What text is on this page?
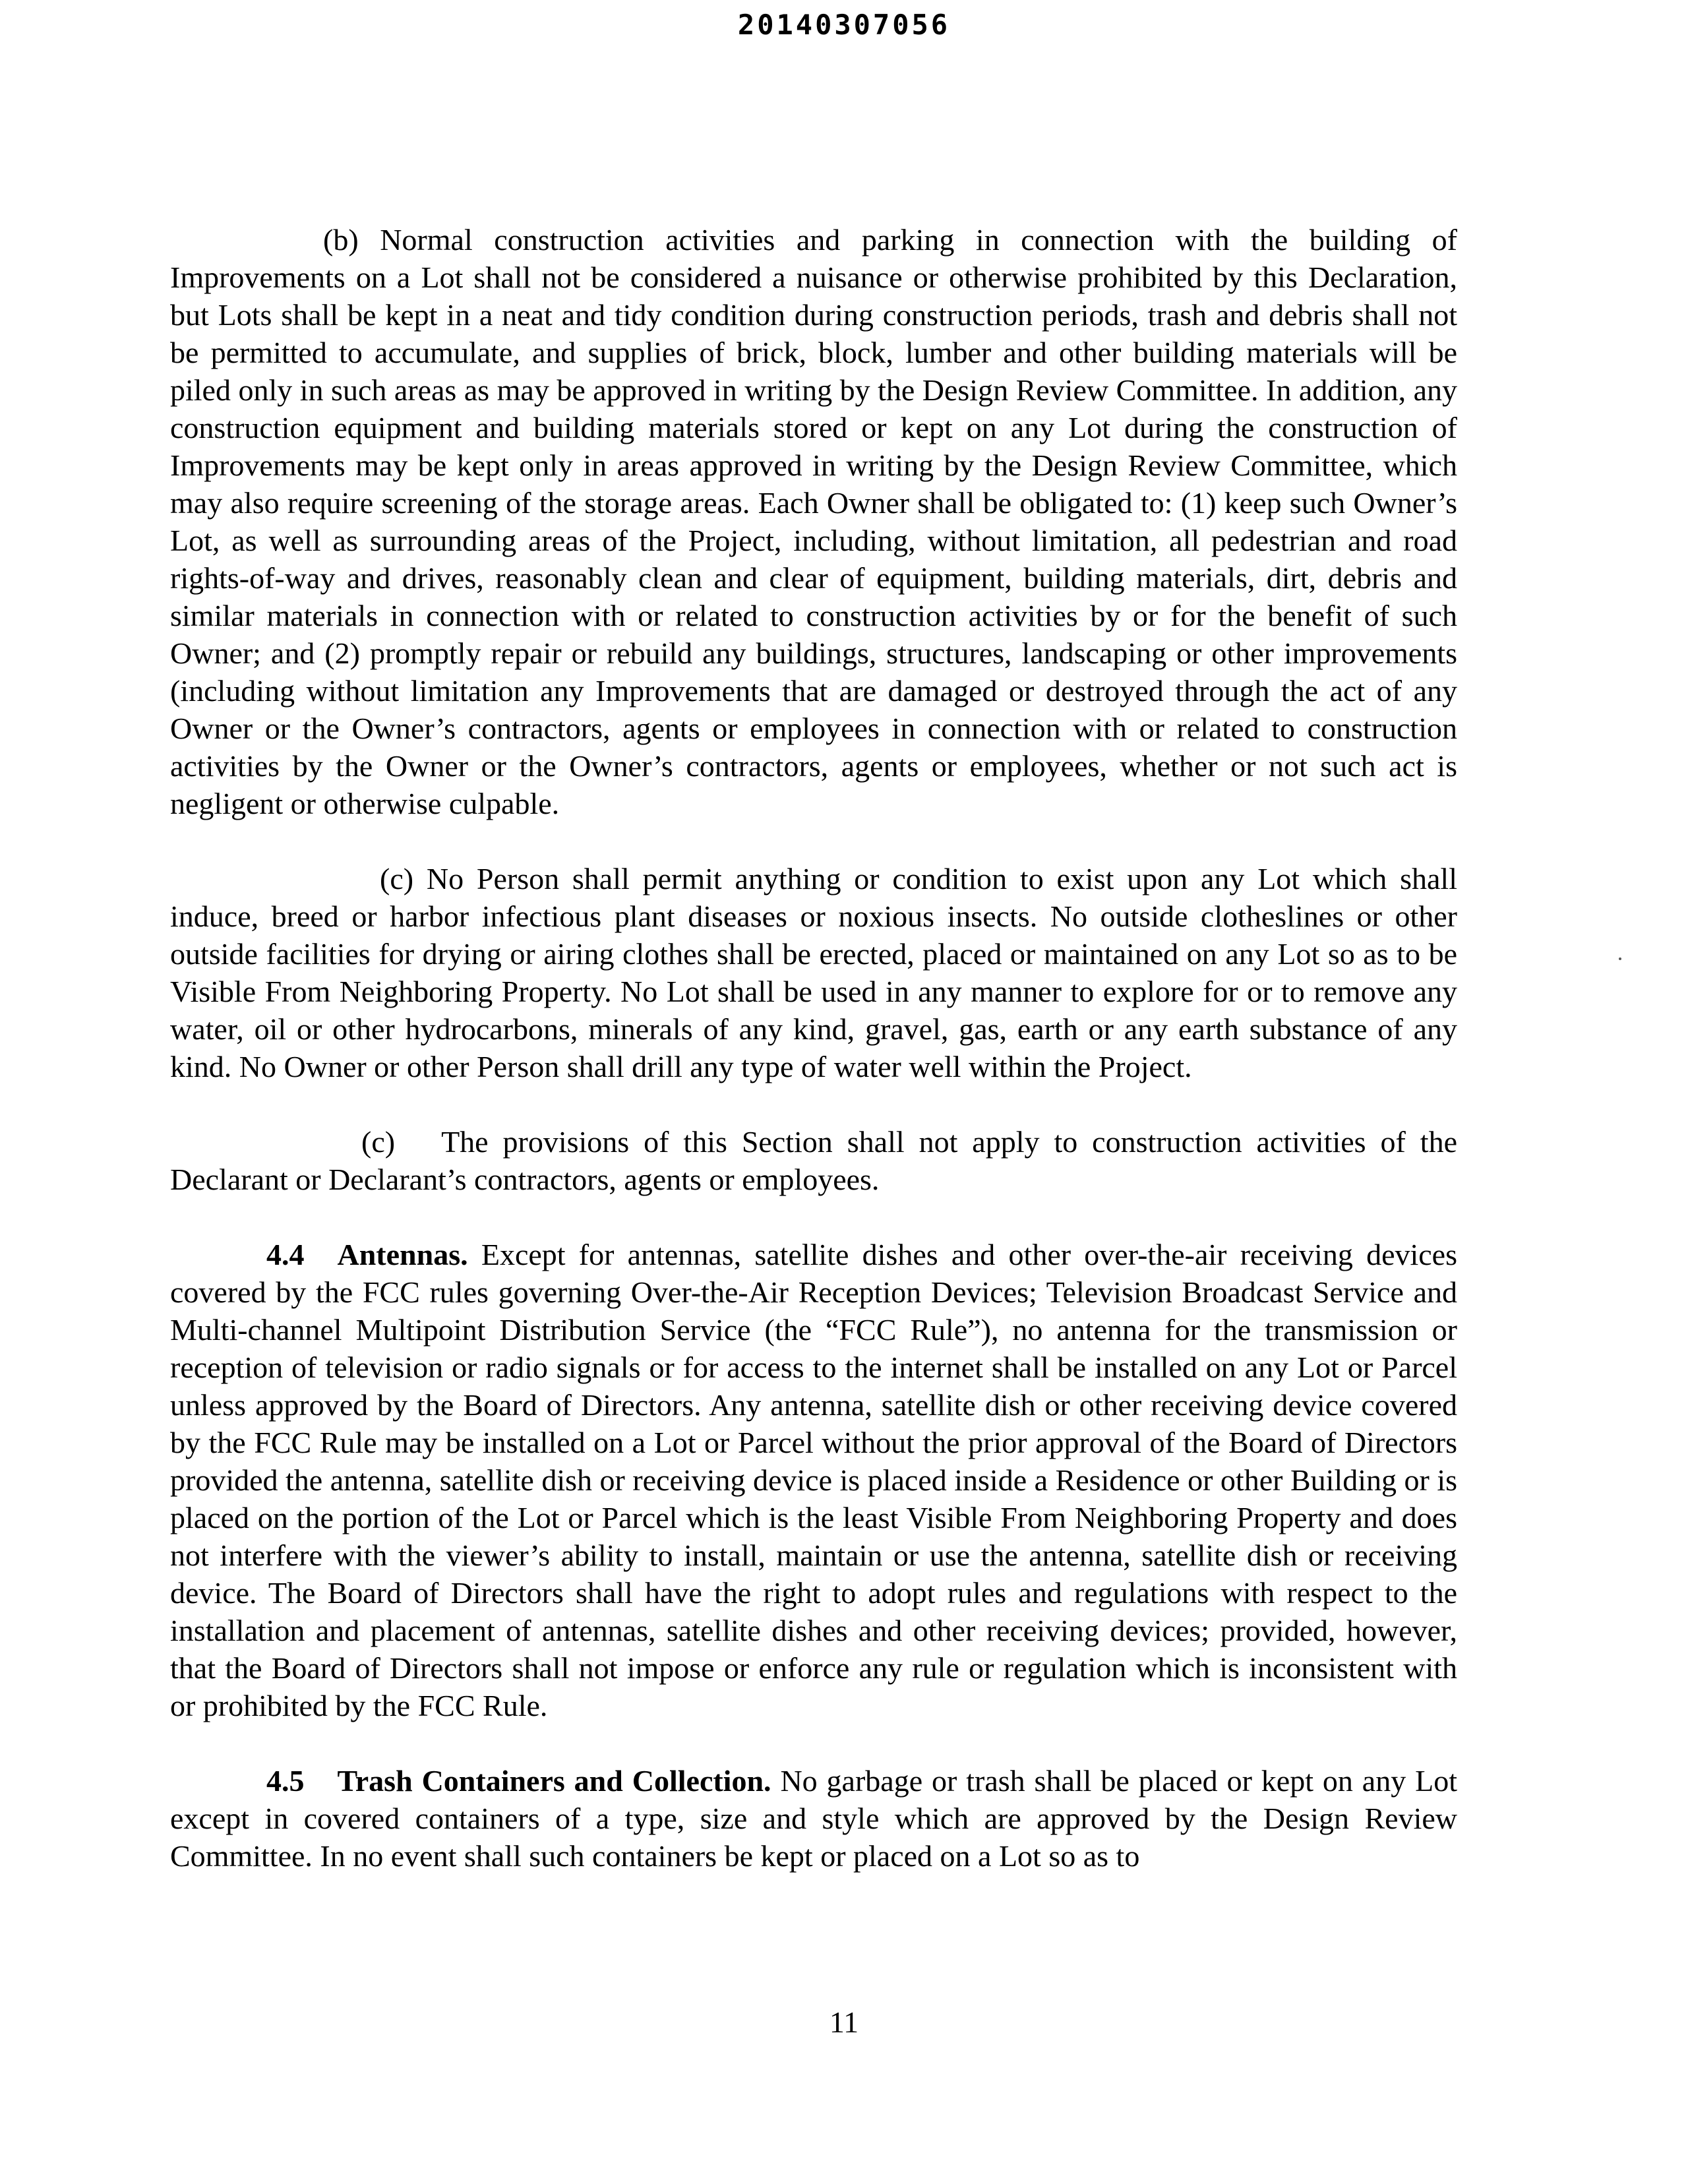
20140307056

(b) Normal construction activities and parking in connection with the building of Improvements on a Lot shall not be considered a nuisance or otherwise prohibited by this Declaration, but Lots shall be kept in a neat and tidy condition during construction periods, trash and debris shall not be permitted to accumulate, and supplies of brick, block, lumber and other building materials will be piled only in such areas as may be approved in writing by the Design Review Committee. In addition, any construction equipment and building materials stored or kept on any Lot during the construction of Improvements may be kept only in areas approved in writing by the Design Review Committee, which may also require screening of the storage areas. Each Owner shall be obligated to: (1) keep such Owner’s Lot, as well as surrounding areas of the Project, including, without limitation, all pedestrian and road rights-of-way and drives, reasonably clean and clear of equipment, building materials, dirt, debris and similar materials in connection with or related to construction activities by or for the benefit of such Owner; and (2) promptly repair or rebuild any buildings, structures, landscaping or other improvements (including without limitation any Improvements that are damaged or destroyed through the act of any Owner or the Owner’s contractors, agents or employees in connection with or related to construction activities by the Owner or the Owner’s contractors, agents or employees, whether or not such act is negligent or otherwise culpable.

(c) No Person shall permit anything or condition to exist upon any Lot which shall induce, breed or harbor infectious plant diseases or noxious insects. No outside clotheslines or other outside facilities for drying or airing clothes shall be erected, placed or maintained on any Lot so as to be Visible From Neighboring Property. No Lot shall be used in any manner to explore for or to remove any water, oil or other hydrocarbons, minerals of any kind, gravel, gas, earth or any earth substance of any kind. No Owner or other Person shall drill any type of water well within the Project.

(c) The provisions of this Section shall not apply to construction activities of the Declarant or Declarant’s contractors, agents or employees.

4.4 Antennas. Except for antennas, satellite dishes and other over-the-air receiving devices covered by the FCC rules governing Over-the-Air Reception Devices; Television Broadcast Service and Multi-channel Multipoint Distribution Service (the “FCC Rule”), no antenna for the transmission or reception of television or radio signals or for access to the internet shall be installed on any Lot or Parcel unless approved by the Board of Directors. Any antenna, satellite dish or other receiving device covered by the FCC Rule may be installed on a Lot or Parcel without the prior approval of the Board of Directors provided the antenna, satellite dish or receiving device is placed inside a Residence or other Building or is placed on the portion of the Lot or Parcel which is the least Visible From Neighboring Property and does not interfere with the viewer’s ability to install, maintain or use the antenna, satellite dish or receiving device. The Board of Directors shall have the right to adopt rules and regulations with respect to the installation and placement of antennas, satellite dishes and other receiving devices; provided, however, that the Board of Directors shall not impose or enforce any rule or regulation which is inconsistent with or prohibited by the FCC Rule.

4.5 Trash Containers and Collection. No garbage or trash shall be placed or kept on any Lot except in covered containers of a type, size and style which are approved by the Design Review Committee. In no event shall such containers be kept or placed on a Lot so as to

11
